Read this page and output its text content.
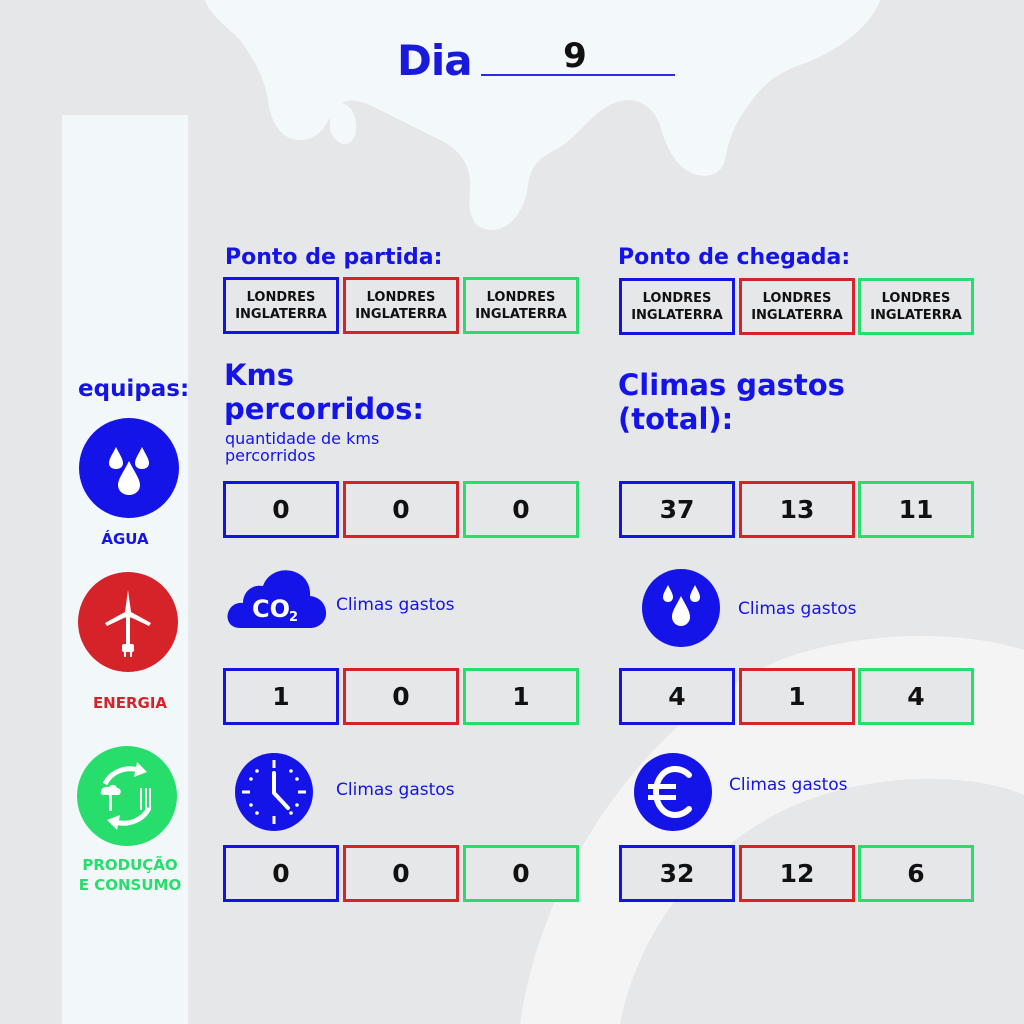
Dia	9
equipas:
ÁGUA
ENERGIA
PRODUÇÃO
E CONSUMO
Ponto de partida:
LONDRES
INGLATERRA
LONDRES
INGLATERRA
LONDRES
INGLATERRA
Ponto de chegada:
LONDRES
INGLATERRA
LONDRES
INGLATERRA
LONDRES
INGLATERRA
Kms
percorridos:
quantidade de kms
percorridos
0	0	0
Climas gastos
(total):
37	13	11
CO
2
Climas gastos
1	0	1
Climas gastos
4	1	4
Climas gastos
0	0	0
Climas gastos
32	12	6
